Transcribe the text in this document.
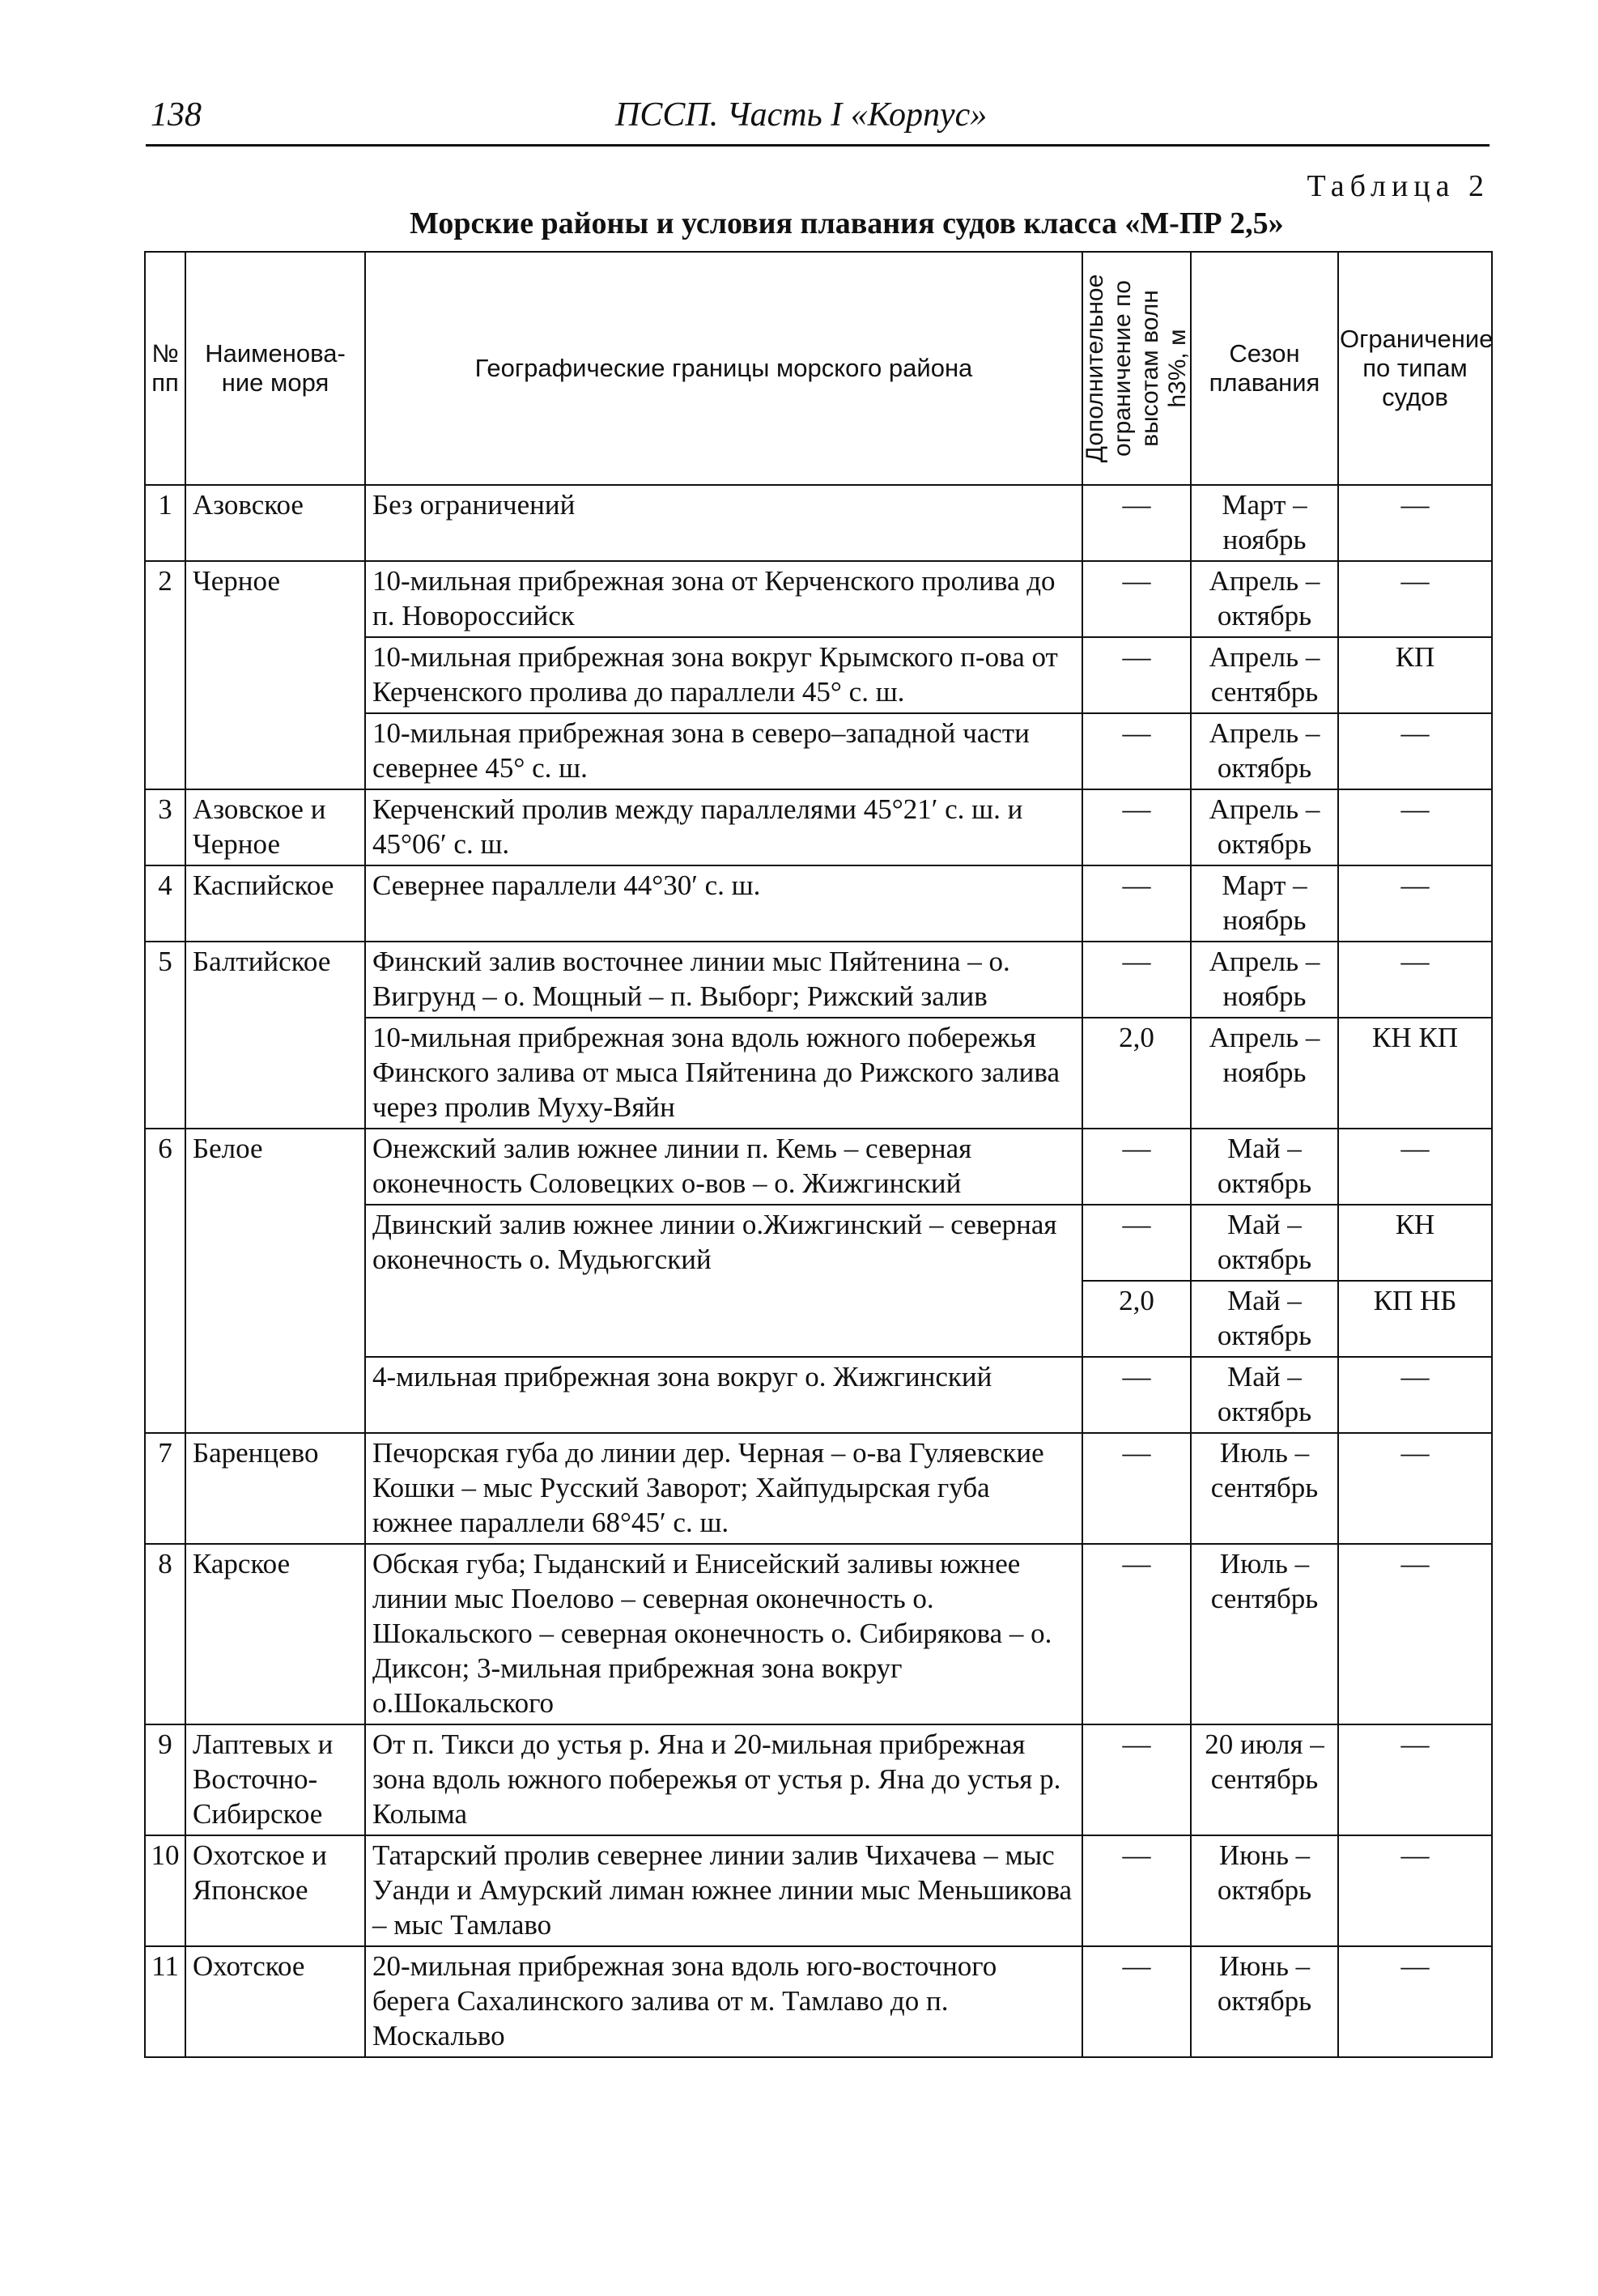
138	ПССП. Часть I «Корпус»
Таблица 2
Морские районы и условия плавания судов класса «М-ПР 2,5»
№ пп	Наименова-ние моря	Географические границы морского района	Дополнительное ограничение по высотам волн h3%, м	Сезон плавания	Ограничение по типам судов
1	Азовское	Без ограничений	—	Март – ноябрь	—
2	Черное	10-мильная прибрежная зона от Керченского пролива до п. Новороссийск	—	Апрель – октябрь	—
		10-мильная прибрежная зона вокруг Крымского п-ова от Керченского пролива до параллели 45° с. ш.	—	Апрель – сентябрь	КП
		10-мильная прибрежная зона в северо–западной части севернее 45° с. ш.	—	Апрель – октябрь	—
3	Азовское и Черное	Керченский пролив между параллелями 45°21′ с. ш. и 45°06′ с. ш.	—	Апрель – октябрь	—
4	Каспийское	Севернее параллели 44°30′ с. ш.	—	Март – ноябрь	—
5	Балтийское	Финский залив восточнее линии мыс Пяйтенина – о. Вигрунд – о. Мощный – п. Выборг; Рижский залив	—	Апрель – ноябрь	—
		10-мильная прибрежная зона вдоль южного побережья Финского залива от мыса Пяйтенина до Рижского залива через пролив Муху-Вяйн	2,0	Апрель – ноябрь	КН КП
6	Белое	Онежский залив южнее линии п. Кемь – северная оконечность Соловецких о-вов – о. Жижгинский	—	Май – октябрь	—
		Двинский залив южнее линии о.Жижгинский – северная оконечность о. Мудьюгский	—	Май – октябрь	КН
			2,0	Май – октябрь	КП НБ
		4-мильная прибрежная зона вокруг о. Жижгинский	—	Май – октябрь	—
7	Баренцево	Печорская губа до линии дер. Черная – о-ва Гуляевские Кошки – мыс Русский Заворот; Хайпудырская губа южнее параллели 68°45′ с. ш.	—	Июль – сентябрь	—
8	Карское	Обская губа; Гыданский и Енисейский заливы южнее линии мыс Поелово – северная оконечность о. Шокальского – северная оконечность о. Сибирякова – о. Диксон; 3-мильная прибрежная зона вокруг о.Шокальского	—	Июль – сентябрь	—
9	Лаптевых и Восточно-Сибирское	От п. Тикси до устья р. Яна и 20-мильная прибрежная зона вдоль южного побережья от устья р. Яна до устья р. Колыма	—	20 июля – сентябрь	—
10	Охотское и Японское	Татарский пролив севернее линии залив Чихачева – мыс Уанди и Амурский лиман южнее линии мыс Меньшикова – мыс Тамлаво	—	Июнь – октябрь	—
11	Охотское	20-мильная прибрежная зона вдоль юго-восточного берега Сахалинского залива от м. Тамлаво до п. Москальво	—	Июнь – октябрь	—
